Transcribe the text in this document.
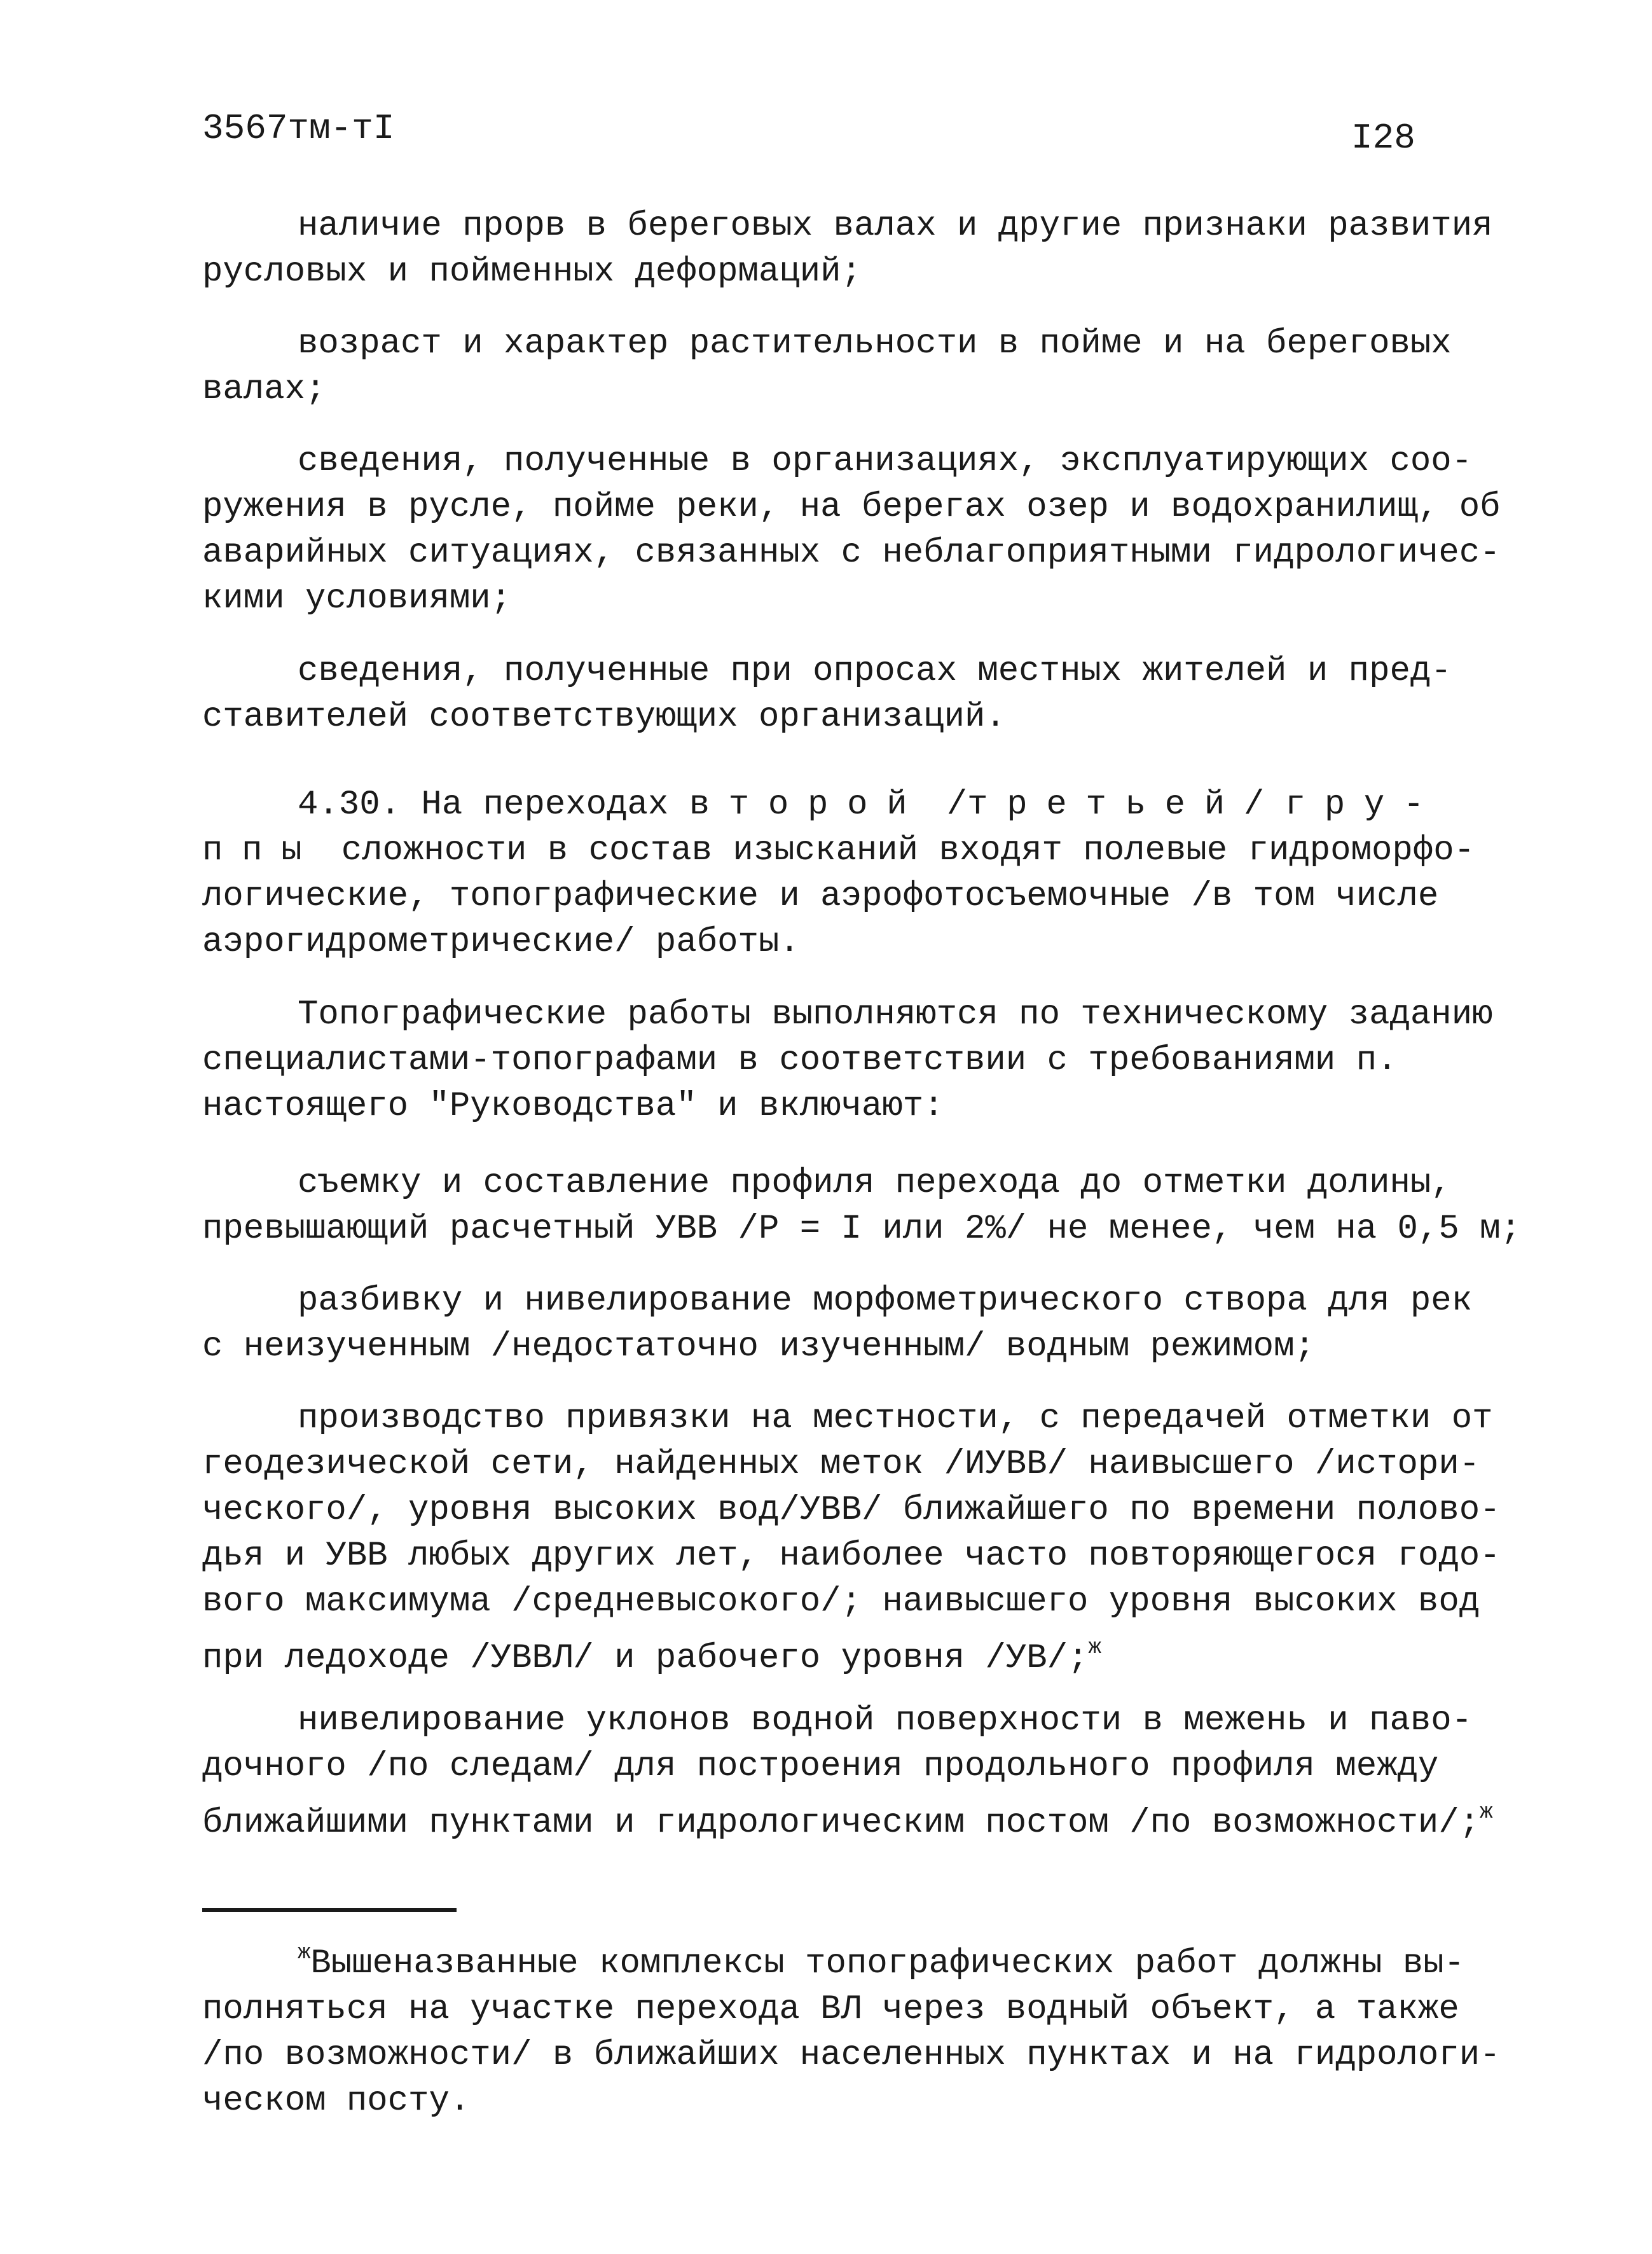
3567тм-тI	I28
наличие прорв в береговых валах и другие признаки развития
русловых и пойменных деформаций;
возраст и характер растительности в пойме и на береговых
валах;
сведения, полученные в организациях, эксплуатирующих соо-
ружения в русле, пойме реки, на берегах озер и водохранилищ, об
аварийных ситуациях, связанных с неблагоприятными гидрологичес-
кими условиями;
сведения, полученные при опросах местных жителей и пред-
ставителей соответствующих организаций.
4.30. На переходах второй /третьей/ гру-
ппы сложности в состав изысканий входят полевые гидроморфо-
логические, топографические и аэрофотосъемочные /в том числе
аэрогидрометрические/ работы.
Топографические работы выполняются по техническому заданию
специалистами-топографами в соответствии с требованиями п.
настоящего "Руководства" и включают:
съемку и составление профиля перехода до отметки долины,
превышающий расчетный УВВ /Р = I или 2%/ не менее, чем на 0,5 м;
разбивку и нивелирование морфометрического створа для рек
с неизученным /недостаточно изученным/ водным режимом;
производство привязки на местности, с передачей отметки от
геодезической сети, найденных меток /ИУВВ/ наивысшего /истори-
ческого/, уровня высоких вод/УВВ/ ближайшего по времени полово-
дья и УВВ любых других лет, наиболее часто повторяющегося годо-
вого максимума /средневысокого/; наивысшего уровня высоких вод
при ледоходе /УВВЛ/ и рабочего уровня /УВ/;$^ж$
нивелирование уклонов водной поверхности в межень и паво-
дочного /по следам/ для построения продольного профиля между
ближайшими пунктами и гидрологическим постом /по возможности/;$^ж$
$^ж$Вышеназванные комплексы топографических работ должны вы-
полняться на участке перехода ВЛ через водный объект, а также
/по возможности/ в ближайших населенных пунктах и на гидрологи-
ческом посту.
